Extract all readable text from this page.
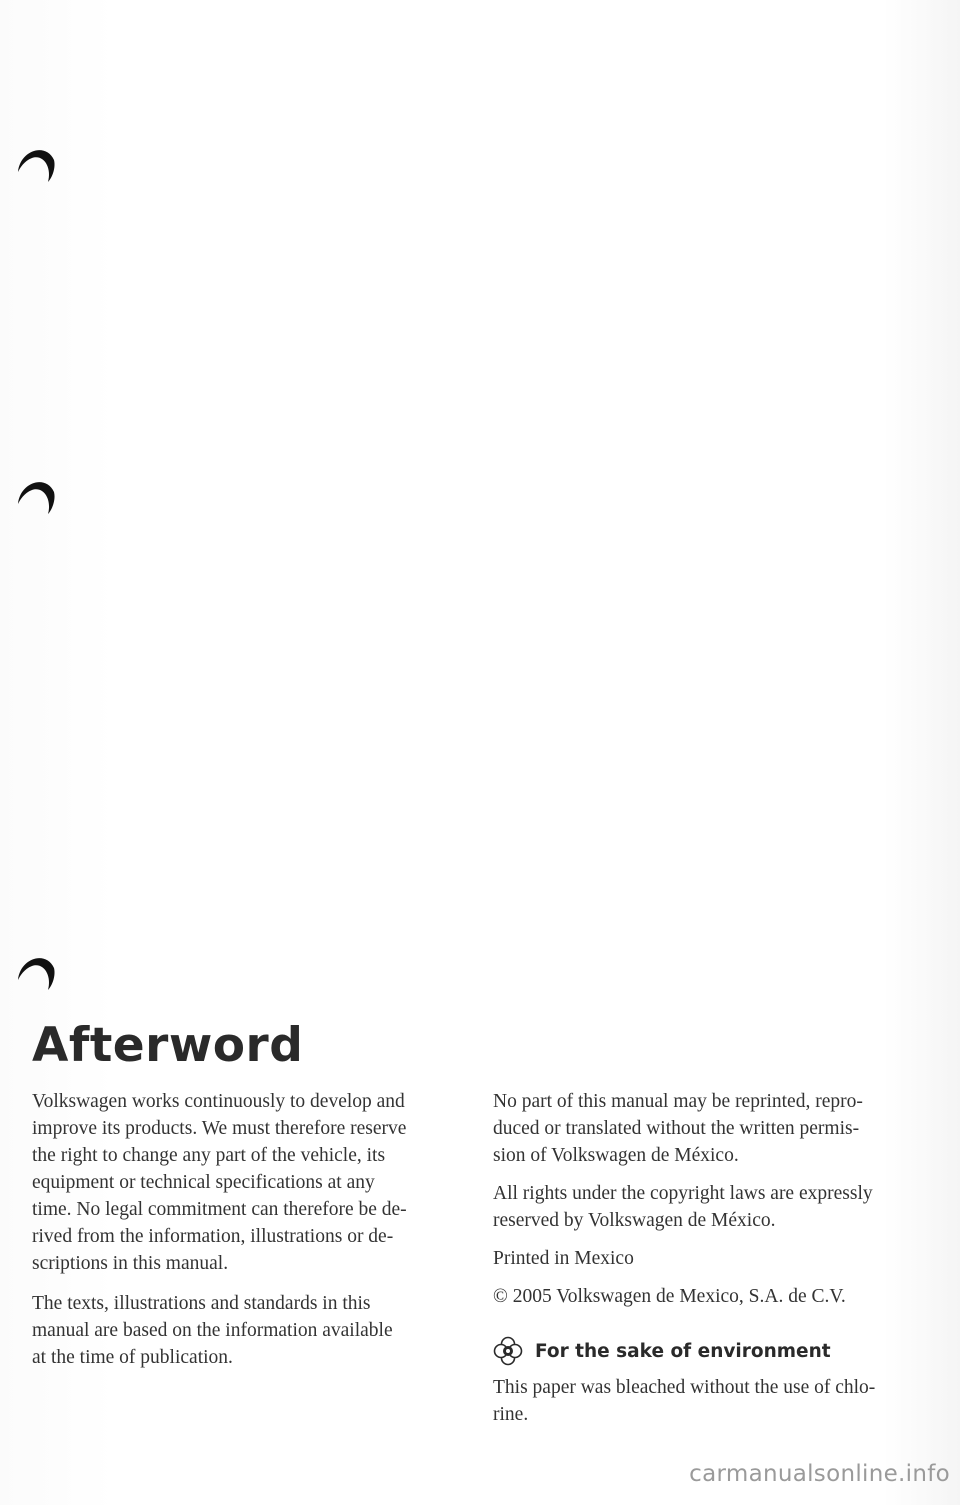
Afterword

Volkswagen works continuously to develop and
improve its products. We must therefore reserve
the right to change any part of the vehicle, its
equipment or technical specifications at any
time. No legal commitment can therefore be de-
rived from the information, illustrations or de-
scriptions in this manual.

The texts, illustrations and standards in this
manual are based on the information available
at the time of publication.

No part of this manual may be reprinted, repro-
duced or translated without the written permis-
sion of Volkswagen de México.

All rights under the copyright laws are expressly
reserved by Volkswagen de México.

Printed in Mexico

© 2005 Volkswagen de Mexico, S.A. de C.V.

For the sake of environment

This paper was bleached without the use of chlo-
rine.

carmanualsonline.info
